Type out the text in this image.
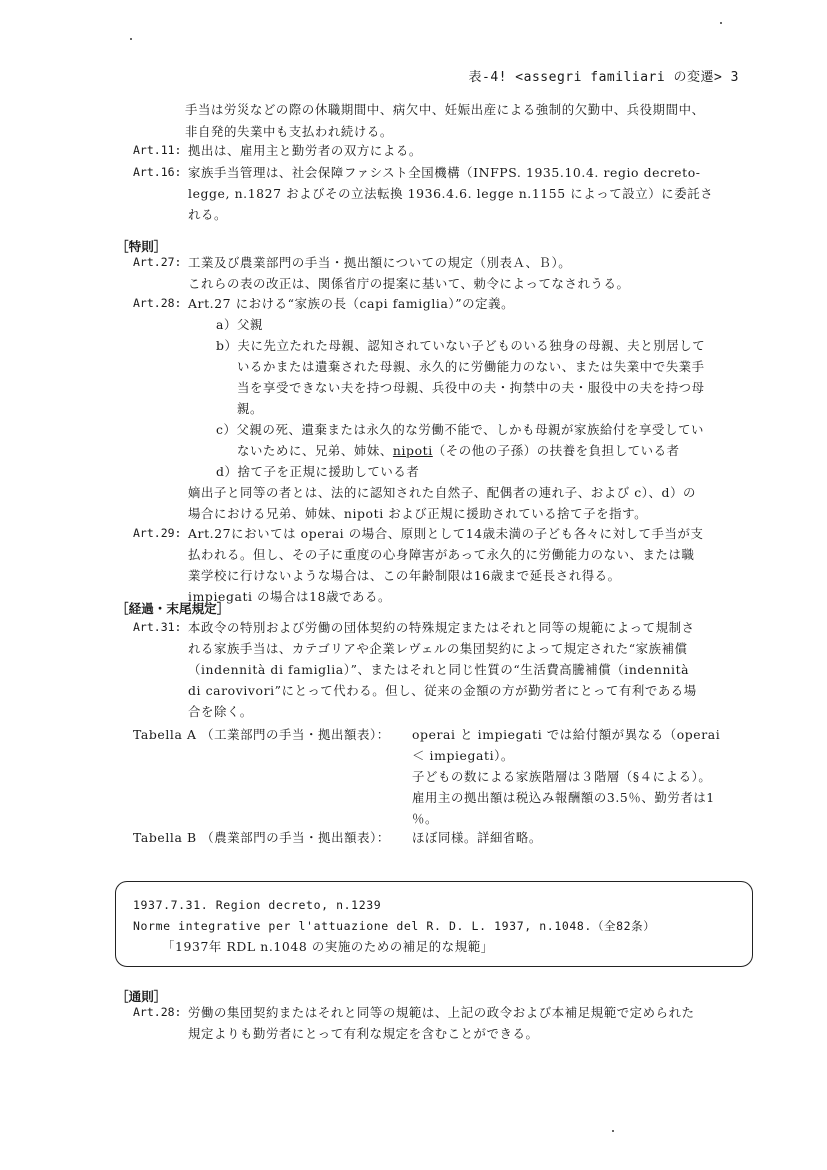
表-4! <assegri familiari の変遷> 3
手当は労災などの際の休職期間中、病欠中、妊娠出産による強制的欠勤中、兵役期間中、
非自発的失業中も支払われ続ける。
Art.11: 拠出は、雇用主と勤労者の双方による。
Art.16: 家族手当管理は、社会保障ファシスト全国機構（INFPS. 1935.10.4. regio decreto-
legge, n.1827 およびその立法転換 1936.4.6. legge n.1155 によって設立）に委託さ
れる。
［特則］
Art.27: 工業及び農業部門の手当・拠出額についての規定（別表Ａ、Ｂ）。
これらの表の改正は、関係省庁の提案に基いて、勅令によってなされうる。
Art.28: Art.27 における“家族の長（capi famiglia）”の定義。
a）父親
b）夫に先立たれた母親、認知されていない子どものいる独身の母親、夫と別居して
いるかまたは遺棄された母親、永久的に労働能力のない、または失業中で失業手
当を享受できない夫を持つ母親、兵役中の夫・拘禁中の夫・服役中の夫を持つ母
親。
c）父親の死、遺棄または永久的な労働不能で、しかも母親が家族給付を享受してい
ないために、兄弟、姉妹、nipoti（その他の子孫）の扶養を負担している者
d）捨て子を正規に援助している者
嫡出子と同等の者とは、法的に認知された自然子、配偶者の連れ子、および c）、d）の
場合における兄弟、姉妹、nipoti および正規に援助されている捨て子を指す。
Art.29: Art.27においては operai の場合、原則として14歳未満の子ども各々に対して手当が支
払われる。但し、その子に重度の心身障害があって永久的に労働能力のない、または職
業学校に行けないような場合は、この年齢制限は16歳まで延長され得る。
impiegati の場合は18歳である。
［経過・末尾規定］
Art.31: 本政令の特別および労働の団体契約の特殊規定またはそれと同等の規範によって規制さ
れる家族手当は、カテゴリアや企業レヴェルの集団契約によって規定された“家族補償
（indennità di famiglia）”、またはそれと同じ性質の“生活費高騰補償（indennità
di carovivori”にとって代わる。但し、従来の金額の方が勤労者にとって有利である場
合を除く。
Tabella A （工業部門の手当・拠出額表）： operai と impiegati では給付額が異なる（operai
＜ impiegati）。
子どもの数による家族階層は３階層（§４による）。
雇用主の拠出額は税込み報酬額の3.5％、勤労者は1
％。
Tabella B （農業部門の手当・拠出額表）： ほぼ同様。詳細省略。
1937.7.31. Region decreto, n.1239
Norme integrative per l'attuazione del R. D. L. 1937, n.1048.（全82条）
「1937年 RDL n.1048 の実施のための補足的な規範」
［通則］
Art.28: 労働の集団契約またはそれと同等の規範は、上記の政令および本補足規範で定められた
規定よりも勤労者にとって有利な規定を含むことができる。
